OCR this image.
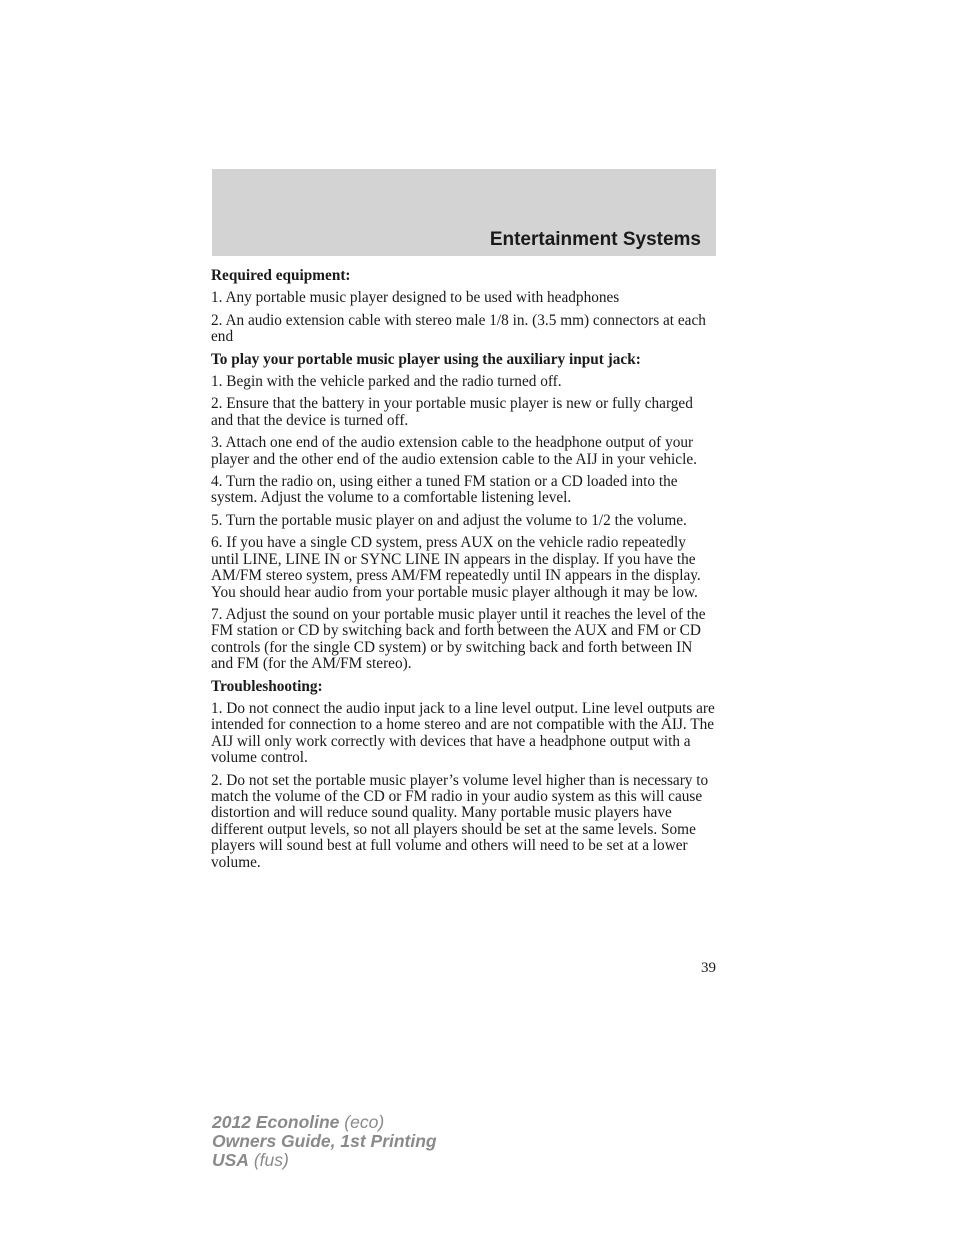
Entertainment Systems

Required equipment:

1. Any portable music player designed to be used with headphones

2. An audio extension cable with stereo male 1/8 in. (3.5 mm) connectors at each end

To play your portable music player using the auxiliary input jack:

1. Begin with the vehicle parked and the radio turned off.

2. Ensure that the battery in your portable music player is new or fully charged and that the device is turned off.

3. Attach one end of the audio extension cable to the headphone output of your player and the other end of the audio extension cable to the AIJ in your vehicle.

4. Turn the radio on, using either a tuned FM station or a CD loaded into the system. Adjust the volume to a comfortable listening level.

5. Turn the portable music player on and adjust the volume to 1/2 the volume.

6. If you have a single CD system, press AUX on the vehicle radio repeatedly until LINE, LINE IN or SYNC LINE IN appears in the display. If you have the AM/FM stereo system, press AM/FM repeatedly until IN appears in the display.

You should hear audio from your portable music player although it may be low.

7. Adjust the sound on your portable music player until it reaches the level of the FM station or CD by switching back and forth between the AUX and FM or CD controls (for the single CD system) or by switching back and forth between IN and FM (for the AM/FM stereo).

Troubleshooting:

1. Do not connect the audio input jack to a line level output. Line level outputs are intended for connection to a home stereo and are not compatible with the AIJ. The AIJ will only work correctly with devices that have a headphone output with a volume control.

2. Do not set the portable music player’s volume level higher than is necessary to match the volume of the CD or FM radio in your audio system as this will cause distortion and will reduce sound quality. Many portable music players have different output levels, so not all players should be set at the same levels. Some players will sound best at full volume and others will need to be set at a lower volume.

39
2012 Econoline (eco)
Owners Guide, 1st Printing
USA (fus)
